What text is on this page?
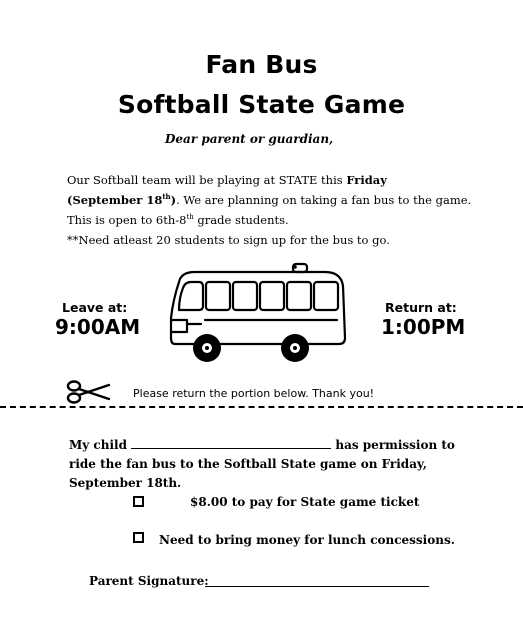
Fan Bus
Softball State Game
Dear parent or guardian,

Our Softball team will be playing at STATE this Friday
(September 18th). We are planning on taking a fan bus to the game. This is open to 6th-8th grade students.

**Need atleast 20 students to sign up for the bus to go.

Leave at:
9:00AM
Return at:
1:00PM
Please return the portion below. Thank you!
My child	has permission to ride the fan bus to the Softball State game on Friday, September 18th.
$8.00 to pay for State game ticket
Need to bring money for lunch concessions.
Parent Signature:
